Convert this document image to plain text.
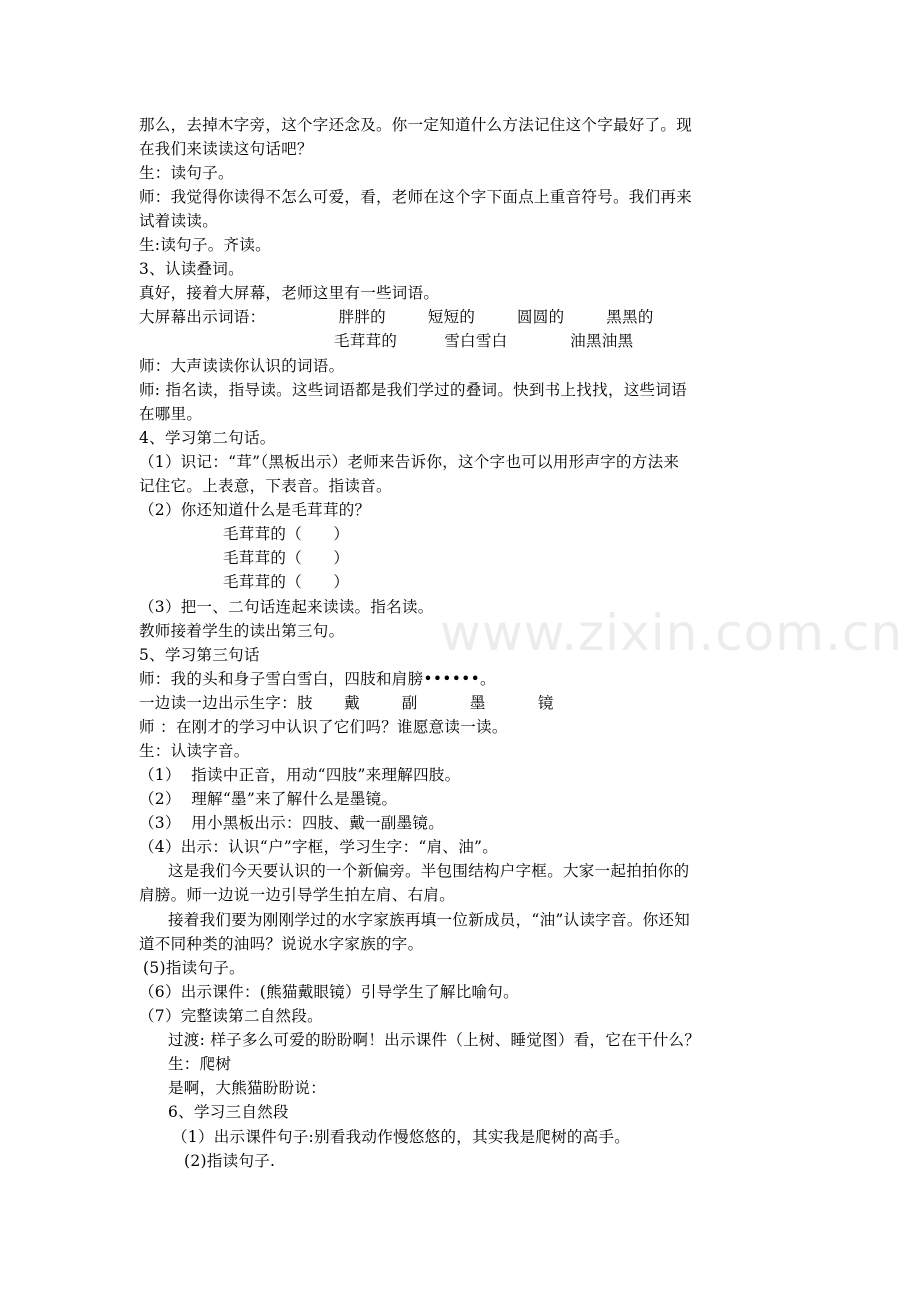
www.zixin.com.cn
那么，去掉木字旁，这个字还念及。你一定知道什么方法记住这个字最好了。现
在我们来读读这句话吧？
生：读句子。
师：我觉得你读得不怎么可爱，看，老师在这个字下面点上重音符号。我们再来
试着读读。
生:读句子。齐读。
3、认读叠词。
真好，接着大屏幕，老师这里有一些词语。
大屏幕出示词语：              胖胖的        短短的        圆圆的        黑黑的
毛茸茸的         雪白雪白            油黑油黑
师：大声读读你认识的词语。
师: 指名读，指导读。这些词语都是我们学过的叠词。快到书上找找，这些词语
在哪里。
4、学习第二句话。
（1）识记：“茸”（黑板出示）老师来告诉你，这个字也可以用形声字的方法来
记住它。上表意，下表音。指读音。
（2）你还知道什么是毛茸茸的？
毛茸茸的（      ）
毛茸茸的（      ）
毛茸茸的（      ）
（3）把一、二句话连起来读读。指名读。
教师接着学生的读出第三句。
5、学习第三句话
师：我的头和身子雪白雪白，四肢和肩膀••••••。
一边读一边出示生字：肢      戴        副          墨          镜
师 ：在刚才的学习中认识了它们吗？谁愿意读一读。
生：认读字音。
（1）  指读中正音，用动“四肢”来理解四肢。
（2）  理解“墨”来了解什么是墨镜。
（3）  用小黑板出示：四肢、戴一副墨镜。
（4）出示：认识“户”字框，学习生字：“肩、油”。
这是我们今天要认识的一个新偏旁。半包围结构户字框。大家一起拍拍你的
肩膀。师一边说一边引导学生拍左肩、右肩。
接着我们要为刚刚学过的水字家族再填一位新成员，“油”认读字音。你还知
道不同种类的油吗？说说水字家族的字。
(5)指读句子。
（6）出示课件：(熊猫戴眼镜）引导学生了解比喻句。
（7）完整读第二自然段。
过渡: 样子多么可爱的盼盼啊！出示课件（上树、睡觉图）看，它在干什么？
生：爬树
是啊，大熊猫盼盼说：
6、学习三自然段
（1）出示课件句子:别看我动作慢悠悠的，其实我是爬树的高手。
(2)指读句子.
